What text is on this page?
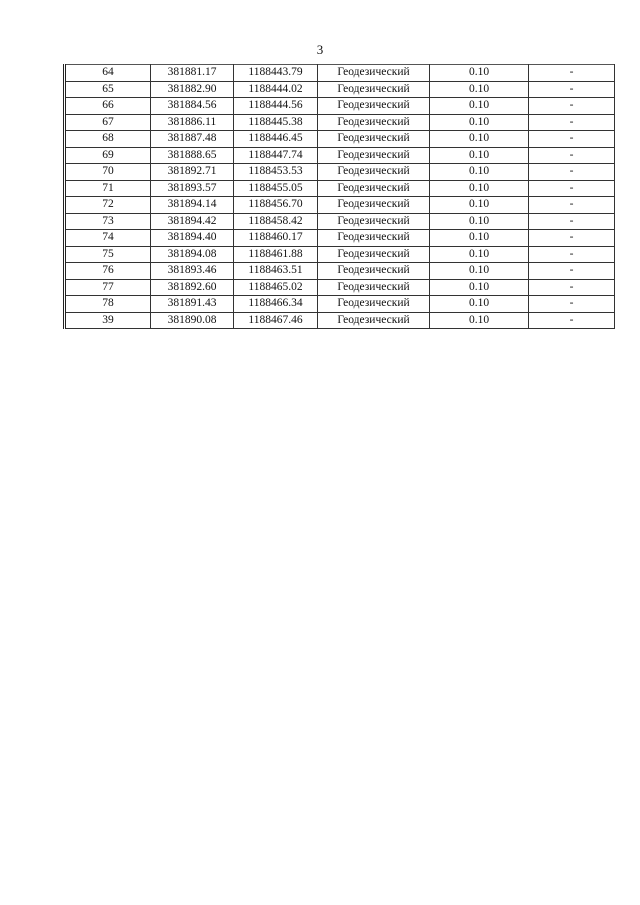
3
64	381881.17	1188443.79	Геодезический	0.10	-
65	381882.90	1188444.02	Геодезический	0.10	-
66	381884.56	1188444.56	Геодезический	0.10	-
67	381886.11	1188445.38	Геодезический	0.10	-
68	381887.48	1188446.45	Геодезический	0.10	-
69	381888.65	1188447.74	Геодезический	0.10	-
70	381892.71	1188453.53	Геодезический	0.10	-
71	381893.57	1188455.05	Геодезический	0.10	-
72	381894.14	1188456.70	Геодезический	0.10	-
73	381894.42	1188458.42	Геодезический	0.10	-
74	381894.40	1188460.17	Геодезический	0.10	-
75	381894.08	1188461.88	Геодезический	0.10	-
76	381893.46	1188463.51	Геодезический	0.10	-
77	381892.60	1188465.02	Геодезический	0.10	-
78	381891.43	1188466.34	Геодезический	0.10	-
39	381890.08	1188467.46	Геодезический	0.10	-
